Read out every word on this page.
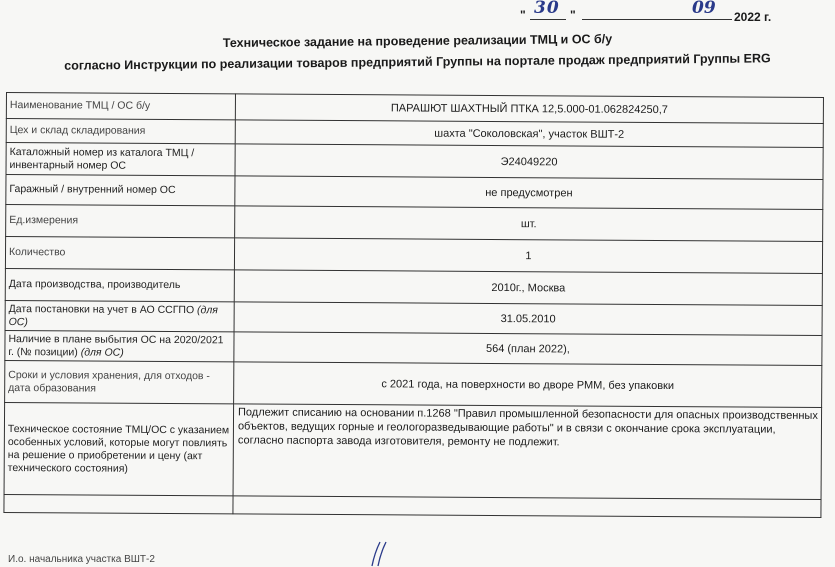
" 30 "	09 2022 г.
Техническое задание на проведение реализации ТМЦ и ОС б/у
согласно Инструкции по реализации товаров предприятий Группы на портале продаж предприятий Группы ERG
Наименование ТМЦ / ОС б/у	ПАРАШЮТ ШАХТНЫЙ ПТКА 12,5.000-01.062824250,7
Цех и склад складирования	шахта "Соколовская", участок ВШТ-2
Каталожный номер из каталога ТМЦ / инвентарный номер ОС	Э24049220
Гаражный / внутренний номер ОС	не предусмотрен
Ед.измерения	шт.
Количество	1
Дата производства, производитель	2010г., Москва
Дата постановки на учет в АО ССГПО (для ОС)	31.05.2010
Наличие в плане выбытия ОС на 2020/2021 г. (№ позиции) (для ОС)	564 (план 2022),
Сроки и условия хранения, для отходов - дата образования	с 2021 года, на поверхности во дворе РММ, без упаковки
Техническое состояние ТМЦ/ОС с указанием особенных условий, которые могут повлиять на решение о приобретении и цену (акт технического состояния)	Подлежит списанию на основании п.1268 "Правил промышленной безопасности для опасных производственных объектов, ведущих горные и геологоразведывающие работы" и в связи с окончание срока эксплуатации, согласно паспорта завода изготовителя, ремонту не подлежит.

И.о. начальника участка ВШТ-2
